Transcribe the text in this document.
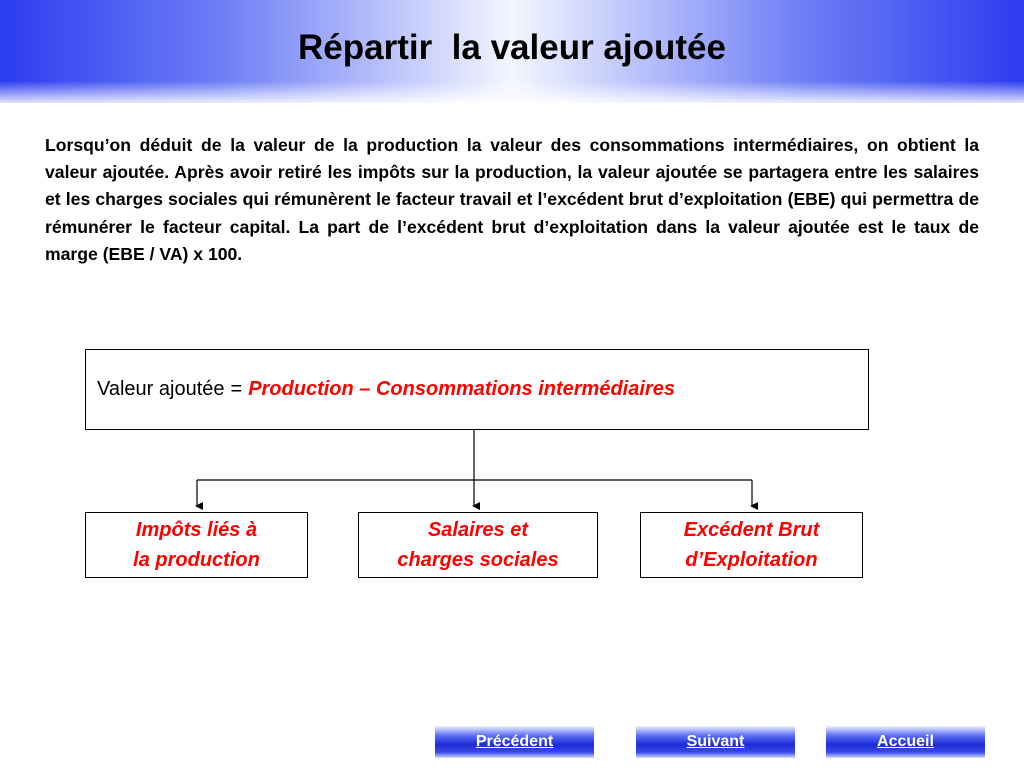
Répartir  la valeur ajoutée

Lorsqu’on déduit de la valeur de la production la valeur des consommations intermédiaires, on obtient la valeur ajoutée. Après avoir retiré les impôts sur la production, la valeur ajoutée se partagera entre les salaires et les charges sociales qui rémunèrent le facteur travail et l’excédent brut d’exploitation (EBE) qui permettra de rémunérer le facteur capital. La part de l’excédent brut d’exploitation dans la valeur ajoutée est le taux de marge (EBE / VA) x 100.

Valeur ajoutée = Production – Consommations intermédiaires
Impôts liés à
la production
Salaires et
charges sociales
Excédent Brut
d’Exploitation
Précédent	Suivant	Accueil
